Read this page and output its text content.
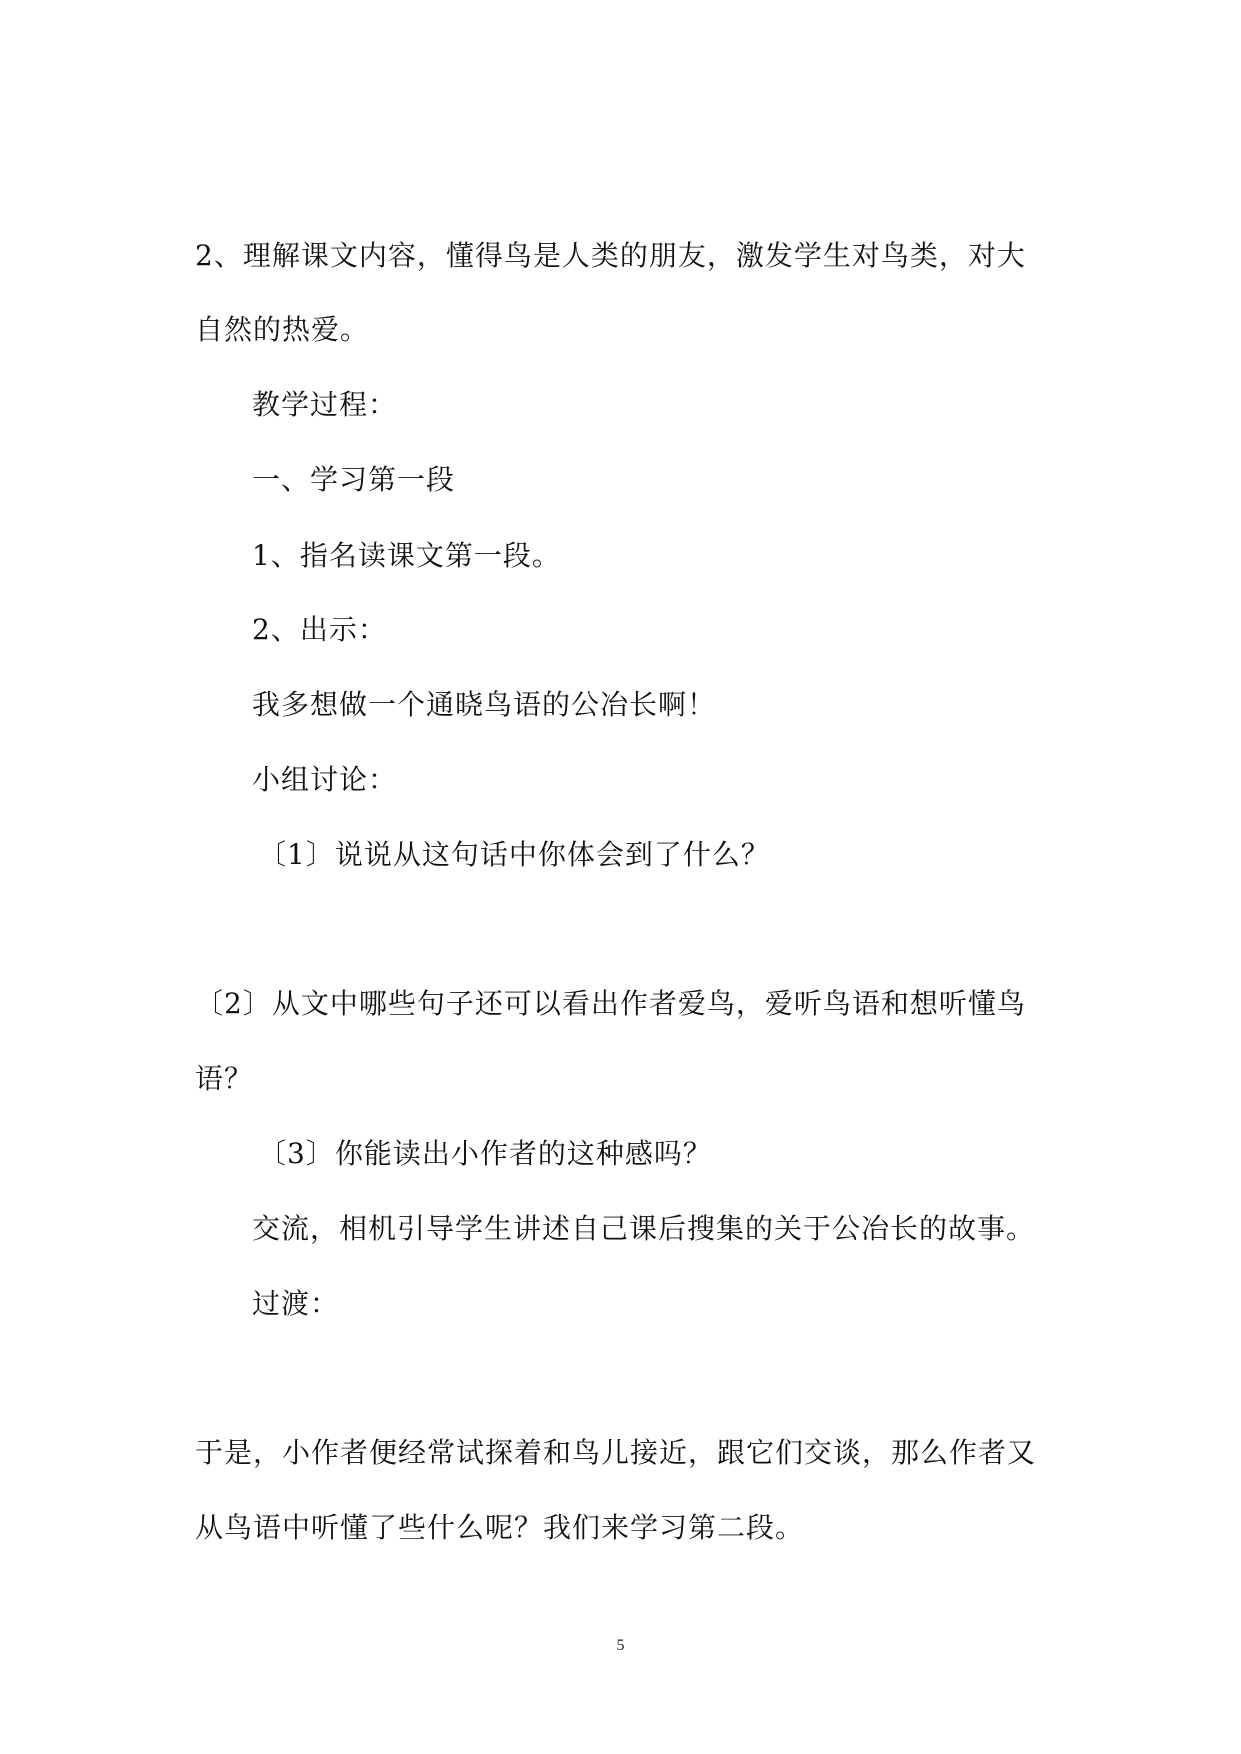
2、理解课文内容，懂得鸟是人类的朋友，激发学生对鸟类，对大
自然的热爱。
教学过程：
一、学习第一段
1、指名读课文第一段。
2、出示：
我多想做一个通晓鸟语的公冶长啊！
小组讨论：
〔1〕说说从这句话中你体会到了什么？
〔2〕从文中哪些句子还可以看出作者爱鸟，爱听鸟语和想听懂鸟
语？
〔3〕你能读出小作者的这种感吗？
交流，相机引导学生讲述自己课后搜集的关于公冶长的故事。
过渡：
于是，小作者便经常试探着和鸟儿接近，跟它们交谈，那么作者又
从鸟语中听懂了些什么呢？我们来学习第二段。
5
